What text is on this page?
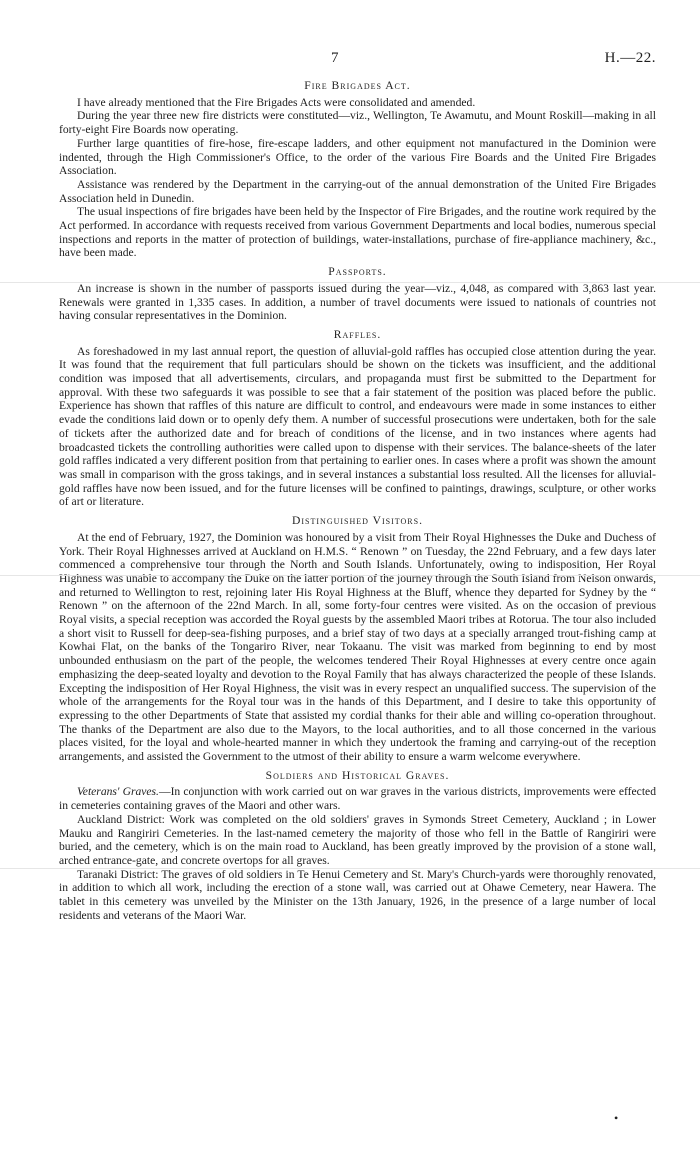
7	H.—22.
Fire Brigades Act.

I have already mentioned that the Fire Brigades Acts were consolidated and amended.

During the year three new fire districts were constituted—viz., Wellington, Te Awamutu, and Mount Roskill—making in all forty-eight Fire Boards now operating.

Further large quantities of fire-hose, fire-escape ladders, and other equipment not manufactured in the Dominion were indented, through the High Commissioner's Office, to the order of the various Fire Boards and the United Fire Brigades Association.

Assistance was rendered by the Department in the carrying-out of the annual demonstration of the United Fire Brigades Association held in Dunedin.

The usual inspections of fire brigades have been held by the Inspector of Fire Brigades, and the routine work required by the Act performed. In accordance with requests received from various Government Departments and local bodies, numerous special inspections and reports in the matter of protection of buildings, water-installations, purchase of fire-appliance machinery, &c., have been made.

Passports.

An increase is shown in the number of passports issued during the year—viz., 4,048, as compared with 3,863 last year. Renewals were granted in 1,335 cases. In addition, a number of travel documents were issued to nationals of countries not having consular representatives in the Dominion.

Raffles.

As foreshadowed in my last annual report, the question of alluvial-gold raffles has occupied close attention during the year. It was found that the requirement that full particulars should be shown on the tickets was insufficient, and the additional condition was imposed that all advertisements, circulars, and propaganda must first be submitted to the Department for approval. With these two safeguards it was possible to see that a fair statement of the position was placed before the public. Experience has shown that raffles of this nature are difficult to control, and endeavours were made in some instances to either evade the conditions laid down or to openly defy them. A number of successful prosecutions were undertaken, both for the sale of tickets after the authorized date and for breach of conditions of the license, and in two instances where agents had broadcasted tickets the controlling authorities were called upon to dispense with their services. The balance-sheets of the later gold raffles indicated a very different position from that pertaining to earlier ones. In cases where a profit was shown the amount was small in comparison with the gross takings, and in several instances a substantial loss resulted. All the licenses for alluvial-gold raffles have now been issued, and for the future licenses will be confined to paintings, drawings, sculpture, or other works of art or literature.

Distinguished Visitors.

At the end of February, 1927, the Dominion was honoured by a visit from Their Royal Highnesses the Duke and Duchess of York. Their Royal Highnesses arrived at Auckland on H.M.S. “ Renown ” on Tuesday, the 22nd February, and a few days later commenced a comprehensive tour through the North and South Islands. Unfortunately, owing to indisposition, Her Royal Highness was unable to accompany the Duke on the latter portion of the journey through the South Island from Nelson onwards, and returned to Wellington to rest, rejoining later His Royal Highness at the Bluff, whence they departed for Sydney by the “ Renown ” on the afternoon of the 22nd March. In all, some forty-four centres were visited. As on the occasion of previous Royal visits, a special reception was accorded the Royal guests by the assembled Maori tribes at Rotorua. The tour also included a short visit to Russell for deep-sea-fishing purposes, and a brief stay of two days at a specially arranged trout-fishing camp at Kowhai Flat, on the banks of the Tongariro River, near Tokaanu. The visit was marked from beginning to end by most unbounded enthusiasm on the part of the people, the welcomes tendered Their Royal Highnesses at every centre once again emphasizing the deep-seated loyalty and devotion to the Royal Family that has always characterized the people of these Islands. Excepting the indisposition of Her Royal Highness, the visit was in every respect an unqualified success. The supervision of the whole of the arrangements for the Royal tour was in the hands of this Department, and I desire to take this opportunity of expressing to the other Departments of State that assisted my cordial thanks for their able and willing co-operation throughout. The thanks of the Department are also due to the Mayors, to the local authorities, and to all those concerned in the various places visited, for the loyal and whole-hearted manner in which they undertook the framing and carrying-out of the reception arrangements, and assisted the Government to the utmost of their ability to ensure a warm welcome everywhere.

Soldiers and Historical Graves.

Veterans' Graves.—In conjunction with work carried out on war graves in the various districts, improvements were effected in cemeteries containing graves of the Maori and other wars.

Auckland District: Work was completed on the old soldiers' graves in Symonds Street Cemetery, Auckland ; in Lower Mauku and Rangiriri Cemeteries. In the last-named cemetery the majority of those who fell in the Battle of Rangiriri were buried, and the cemetery, which is on the main road to Auckland, has been greatly improved by the provision of a stone wall, arched entrance-gate, and concrete overtops for all graves.

Taranaki District: The graves of old soldiers in Te Henui Cemetery and St. Mary's Church-yards were thoroughly renovated, in addition to which all work, including the erection of a stone wall, was carried out at Ohawe Cemetery, near Hawera. The tablet in this cemetery was unveiled by the Minister on the 13th January, 1926, in the presence of a large number of local residents and veterans of the Maori War.

•
